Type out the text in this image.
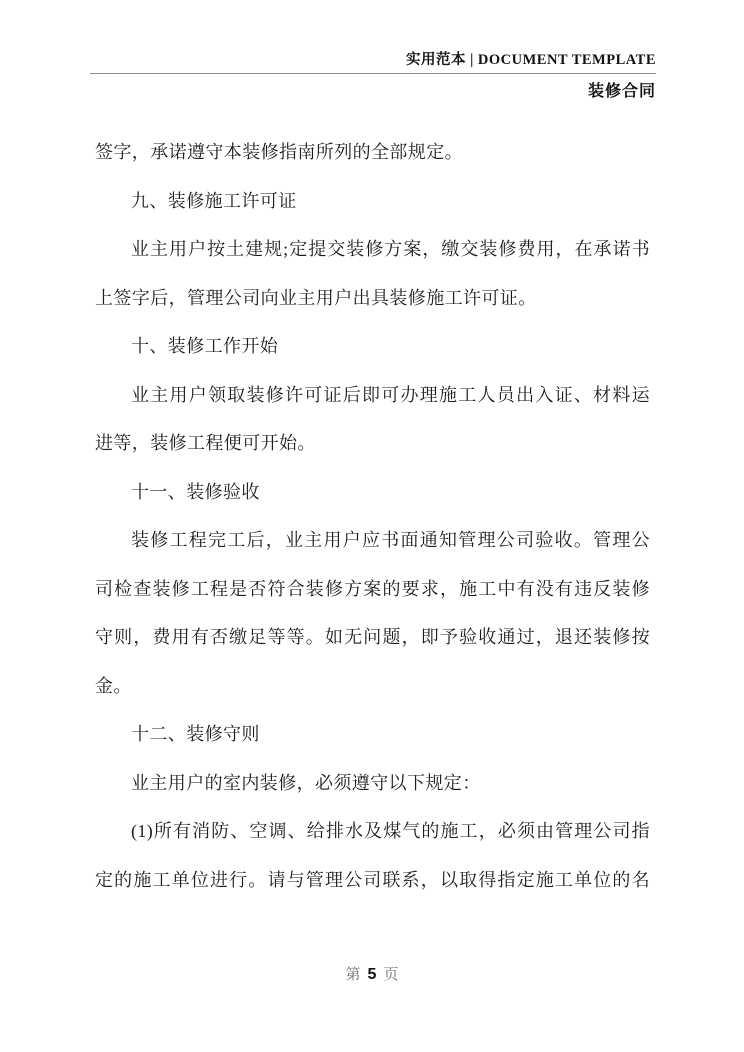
实用范本 | DOCUMENT TEMPLATE
装修合同
签字，承诺遵守本装修指南所列的全部规定。
九、装修施工许可证
业主用户按土建规;定提交装修方案，缴交装修费用，在承诺书
上签字后，管理公司向业主用户出具装修施工许可证。
十、装修工作开始
业主用户领取装修许可证后即可办理施工人员出入证、材料运
进等，装修工程便可开始。
十一、装修验收
装修工程完工后，业主用户应书面通知管理公司验收。管理公
司检查装修工程是否符合装修方案的要求，施工中有没有违反装修
守则，费用有否缴足等等。如无问题，即予验收通过，退还装修按
金。
十二、装修守则
业主用户的室内装修，必须遵守以下规定：
(1)所有消防、空调、给排水及煤气的施工，必须由管理公司指
定的施工单位进行。请与管理公司联系，以取得指定施工单位的名
第 5 页
